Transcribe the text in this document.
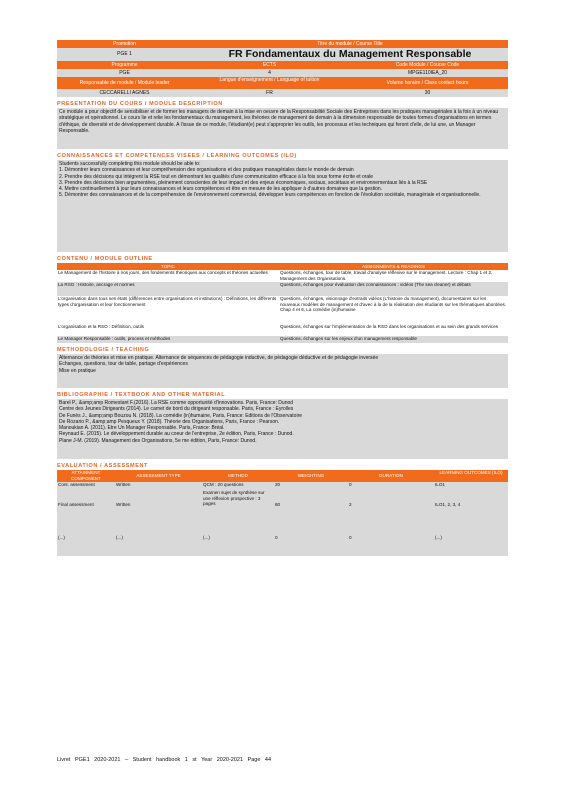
Promotion	Titre du module / Course Title
PGE 1	FR Fondamentaux du Management Responsable
Programme	ECTS	Code Module / Course Code
PGE	4	MPGE110IEA_20
Responsable de module / Module leader	Langue d'enseignement / Language of tuition	Volume horaire / Class contact hours
CECCARELLI AGNES	FR	30
PRESENTATION DU COURS / MODULE DESCRIPTION
Ce module a pour objectif de sensibiliser et de former les managers de demain à la mise en oeuvre de la Responsabilité Sociale des Entreprises dans les pratiques managériales à la fois à un niveau stratégique et opérationnel. Le cours lie et relie les fondamentaux du management, les théories de management de demain à la dimension responsable de toutes formes d'organisations en termes d'éthique, de diversité et de développement durable. A l'issue de ce module, l'étudiant(e) peut s'approprier les outils, les processus et les techniques qui feront d'elle, de lui une, un Manager Responsable.
CONNAISSANCES ET COMPETENCES VISEES / LEARNING OUTCOMES (ILO)
Students successfully completing this module should be able to:
1. Démontrer leurs connaissances et leur compréhension des organisations et des pratiques managériales dans le monde de demain
2. Prendre des décisions qui intègrent la RSE tout en démontrant les qualités d'une communication efficace à la fois sous forme écrite et orale
3. Prendre des décisions bien argumentées, pleinement conscientes de leur impact et des enjeux économiques, sociaux, sociétaux et environnementaux liés à la RSE
4. Mettre continuellement à jour leurs connaissances et leurs compétences et être en mesure de les appliquer à d'autres domaines que la gestion.
5. Démontrer des connaissances et de la compréhension de l'environnement commercial, développer leurs compétences en fonction de l'évolution sociétale, managériale et organisationnelle.
CONTENU / MODULE OUTLINE
TOPIC	ASSIGNMENTS & READINGS
Le Management de l'histoire à nos jours, des fondements théoriques aux concepts et théories actuelles	Questions, échanges, tour de table, travail d'analyse réflexive sur le management. Lecture : Chap 1 et 2, Management des Organisations.
La RSO : Histoire, ancrage et normes	Questions, échanges pour évaluation des connaissances : vidéos (The sea cleaner) et débats
L'organisation dans tous ses états (différences entre organisations et institutions) : Définitions, les différents types d'organisation et leur fonctionnement	Questions, échanges, visionnage d'extraits vidéos (L'histoire du management), documentaires sur les nouveaux modèles de management et d'avec à la de la réalisation des étudiants sur les thématiques abordées. Chap 4 et 6, La comédie (in)humaine
L'organisation et la RSO : Définition, outils	Questions, échanges sur l'implémentation de la RSO dans les organisations et au sein des grands services
Le Manager Responsable : outils, process et méthodes	Questions, échanges sur les enjeux d'un management responsable
METHODOLOGIE / TEACHING
Alternance de théories et mise en pratique. Alternance de séquences de pédagogie inductive, de pédagogie déductive et de pédagogie inversée
Echanges, questions, tour de table, partage d'expériences
Mise en pratique
BIBLIOGRAPHIE / TEXTBOOK AND OTHER MATERIAL
Barel P., &amp;amp Romestant F.(2016). La RSE comme opportunité d'innovations. Paris, France: Dunod
Centre des Jeunes Dirigeants (2014). Le carnet de bord du dirigeant responsable. Paris, France : Eyrolles
De Funès J., &amp;amp Bouzou N. (2018). La comédie (in)humaine, Paris, France: Editions de l'Observatoire
De Rozario P., &amp;amp Pesqueux Y. (2018). Théorie des Organisations, Paris, France : Pearson.
Manoukian A. (2011). Etre Un Manager Responsable. Paris, France: Bréal.
Reynaud E. (2015). Le développement durable au coeur de l'entreprise, 2e édition, Paris, France : Dunod.
Plane J-M. (2019). Management des Organisations, 5e me édition, Paris, France: Dunod.
EVALUATION / ASSESSMENT
ATTAINMENT COMPONENT	ASSESSMENT TYPE	METHOD	WEIGHTING	DURATION	LEARNING OUTCOMES (ILO)
Cont. assessment	Written	QCM : 20 questions	20	0	ILO1
Final assessment	Written	Examen sujet de synthèse sur une réflexion prospective : 3 pages	80	2	ILO1, 2, 3, 4
(...)	(...)	(...)	0	0	(...)
Livret PGE1 2020-2021 – Student handbook 1 st Year 2020-2021 Page 44
